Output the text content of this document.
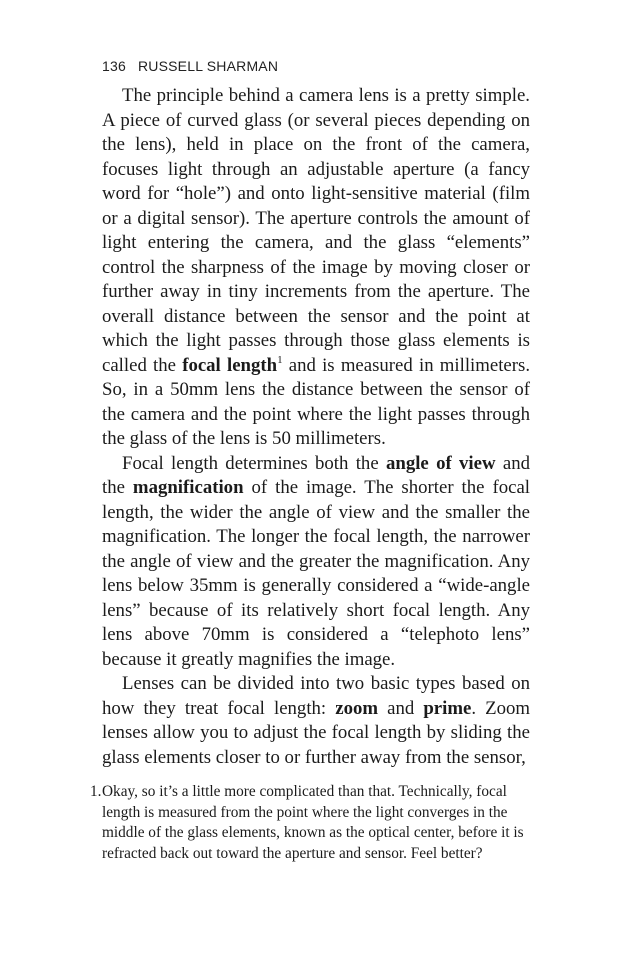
136 RUSSELL SHARMAN

The principle behind a camera lens is a pretty simple. A piece of curved glass (or several pieces depending on the lens), held in place on the front of the camera, focuses light through an adjustable aperture (a fancy word for “hole”) and onto light-sensitive material (film or a digital sensor). The aperture controls the amount of light entering the camera, and the glass “elements” control the sharpness of the image by moving closer or further away in tiny increments from the aperture. The overall distance between the sensor and the point at which the light passes through those glass elements is called the focal length$^1$ and is measured in millimeters. So, in a 50mm lens the distance between the sensor of the camera and the point where the light passes through the glass of the lens is 50 millimeters.

Focal length determines both the angle of view and the magnification of the image. The shorter the focal length, the wider the angle of view and the smaller the magnification. The longer the focal length, the narrower the angle of view and the greater the magnification. Any lens below 35mm is generally considered a “wide-angle lens” because of its relatively short focal length. Any lens above 70mm is considered a “telephoto lens” because it greatly magnifies the image.

Lenses can be divided into two basic types based on how they treat focal length: zoom and prime. Zoom lenses allow you to adjust the focal length by sliding the glass elements closer to or further away from the sensor,

1. Okay, so it’s a little more complicated than that. Technically, focal length is measured from the point where the light converges in the middle of the glass elements, known as the optical center, before it is refracted back out toward the aperture and sensor. Feel better?
